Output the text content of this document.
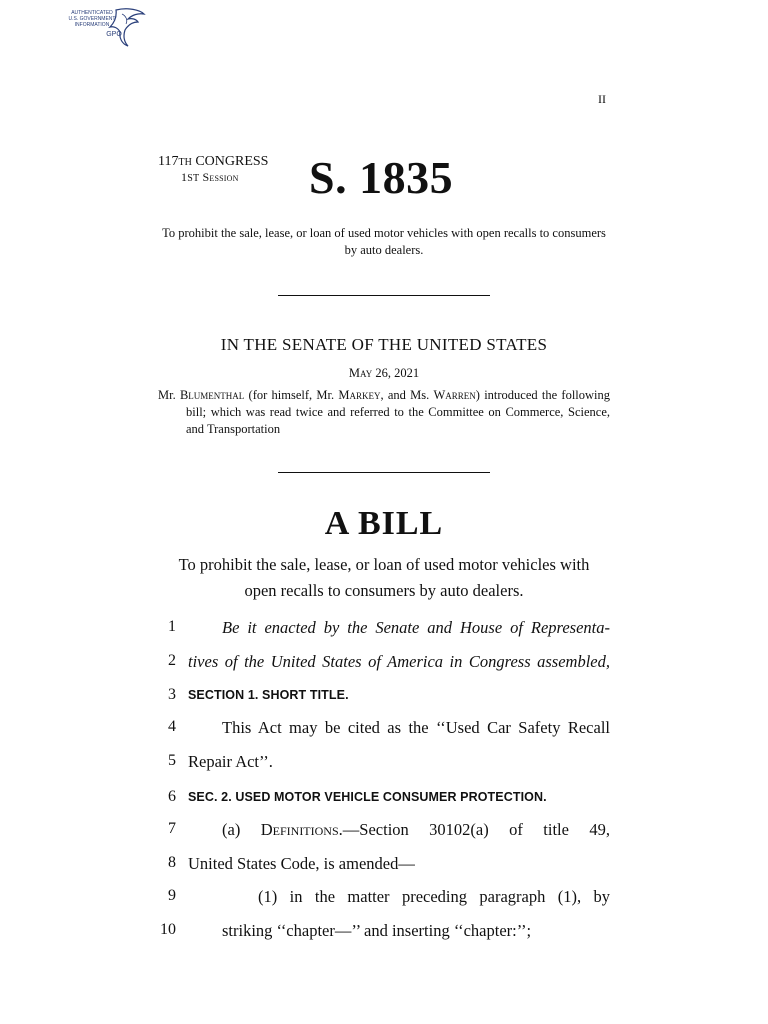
AUTHENTICATED
U.S. GOVERNMENT
INFORMATION
GPO
II
117TH CONGRESS
1ST Session	S. 1835
To prohibit the sale, lease, or loan of used motor vehicles with open recalls to consumers by auto dealers.
IN THE SENATE OF THE UNITED STATES
May 26, 2021
Mr. Blumenthal (for himself, Mr. Markey, and Ms. Warren) introduced the following bill; which was read twice and referred to the Committee on Commerce, Science, and Transportation
A BILL
To prohibit the sale, lease, or loan of used motor vehicles with open recalls to consumers by auto dealers.
1	Be it enacted by the Senate and House of Representa-
2 tives of the United States of America in Congress assembled,
3 SECTION 1. SHORT TITLE.
4	This Act may be cited as the ‘‘Used Car Safety Recall
5 Repair Act’’.
6 SEC. 2. USED MOTOR VEHICLE CONSUMER PROTECTION.
7	(a) Definitions.—Section 30102(a) of title 49,
8 United States Code, is amended—
9	(1) in the matter preceding paragraph (1), by
10	striking ‘‘chapter—’’ and inserting ‘‘chapter:’’;
